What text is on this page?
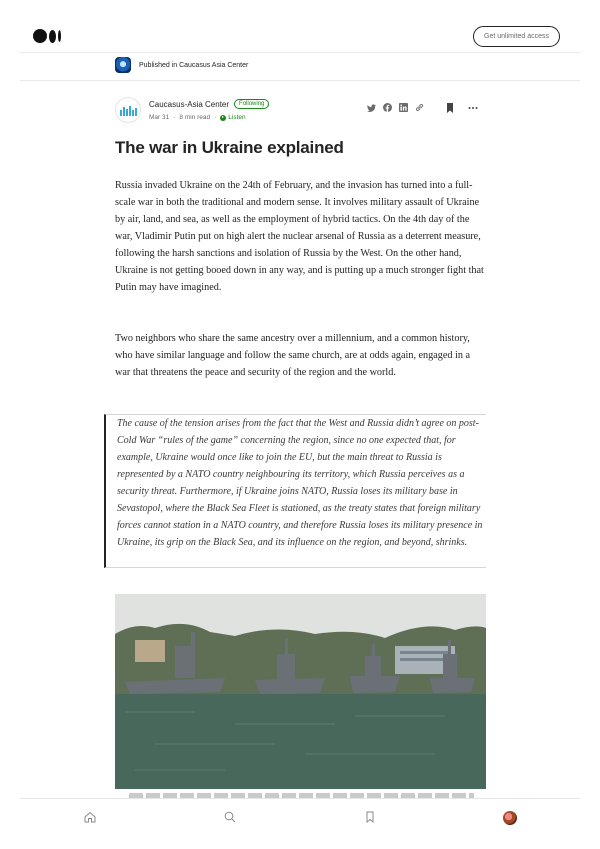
Get unlimited access
Published in Caucasus Asia Center
Caucasus-Asia Center	Following
Mar 31 · 8 min read · Listen
The war in Ukraine explained

Russia invaded Ukraine on the 24th of February, and the invasion has turned into a full-scale war in both the traditional and modern sense. It involves military assault of Ukraine by air, land, and sea, as well as the employment of hybrid tactics. On the 4th day of the war, Vladimir Putin put on high alert the nuclear arsenal of Russia as a deterrent measure, following the harsh sanctions and isolation of Russia by the West. On the other hand, Ukraine is not getting booed down in any way, and is putting up a much stronger fight that Putin may have imagined.

Two neighbors who share the same ancestry over a millennium, and a common history, who have similar language and follow the same church, are at odds again, engaged in a war that threatens the peace and security of the region and the world.

The cause of the tension arises from the fact that the West and Russia didn’t agree on post-Cold War “rules of the game” concerning the region, since no one expected that, for example, Ukraine would once like to join the EU, but the main threat to Russia is represented by a NATO country neighbouring its territory, which Russia perceives as a security threat. Furthermore, if Ukraine joins NATO, Russia loses its military base in Sevastopol, where the Black Sea Fleet is stationed, as the treaty states that foreign military forces cannot station in a NATO country, and therefore Russia loses its military presence in Ukraine, its grip on the Black Sea, and its influence on the region, and beyond, shrinks.
